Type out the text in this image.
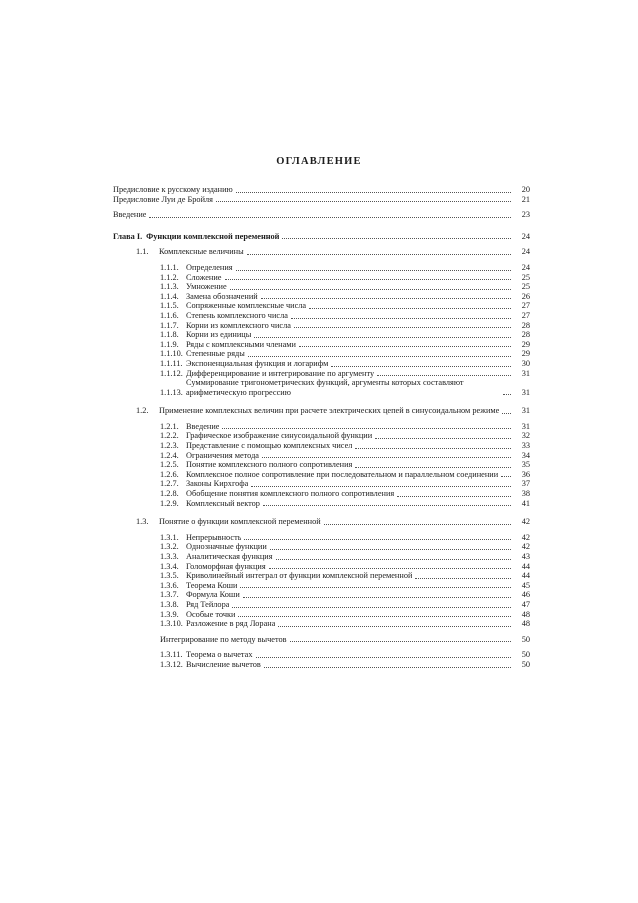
ОГЛАВЛЕНИЕ
Предисловие к русскому изданию	20
Предисловие Луи де Бройля	21
Введение	23
Глава I. Функции комплексной переменной	24
1.1.	Комплексные величины	24
1.1.1. Определения	24
1.1.2. Сложение	25
1.1.3. Умножение	25
1.1.4. Замена обозначений	26
1.1.5. Сопряженные комплексные числа	27
1.1.6. Степень комплексного числа	27
1.1.7. Корни из комплексного числа	28
1.1.8. Корни из единицы	28
1.1.9. Ряды с комплексными членами	29
1.1.10. Степенные ряды	29
1.1.11. Экспоненциальная функция и логарифм	30
1.1.12. Дифференцирование и интегрирование по аргументу	31
1.1.13.
Суммирование тригонометрических функций, аргументы которых составляют арифметическую прогрессию	31
1.2.	Применение комплексных величин при расчете электрических цепей в синусоидальном режиме	31
1.2.1. Введение	31
1.2.2. Графическое изображение синусоидальной функции	32
1.2.3. Представление с помощью комплексных чисел	33
1.2.4. Ограничения метода	34
1.2.5. Понятие комплексного полного сопротивления	35
1.2.6. Комплексное полное сопротивление при последовательном и параллельном соединении	36
1.2.7. Законы Кирхгофа	37
1.2.8. Обобщение понятия комплексного полного сопротивления	38
1.2.9. Комплексный вектор	41
1.3.	Понятие о функции комплексной переменной	42
1.3.1. Непрерывность	42
1.3.2. Однозначные функции	42
1.3.3. Аналитическая функция	43
1.3.4. Голоморфная функция	44
1.3.5. Криволинейный интеграл от функции комплексной переменной	44
1.3.6. Теорема Коши	45
1.3.7. Формула Коши	46
1.3.8. Ряд Тейлора	47
1.3.9. Особые точки	48
1.3.10. Разложение в ряд Лорана	48
Интегрирование по методу вычетов	50
1.3.11. Теорема о вычетах	50
1.3.12. Вычисление вычетов	50
